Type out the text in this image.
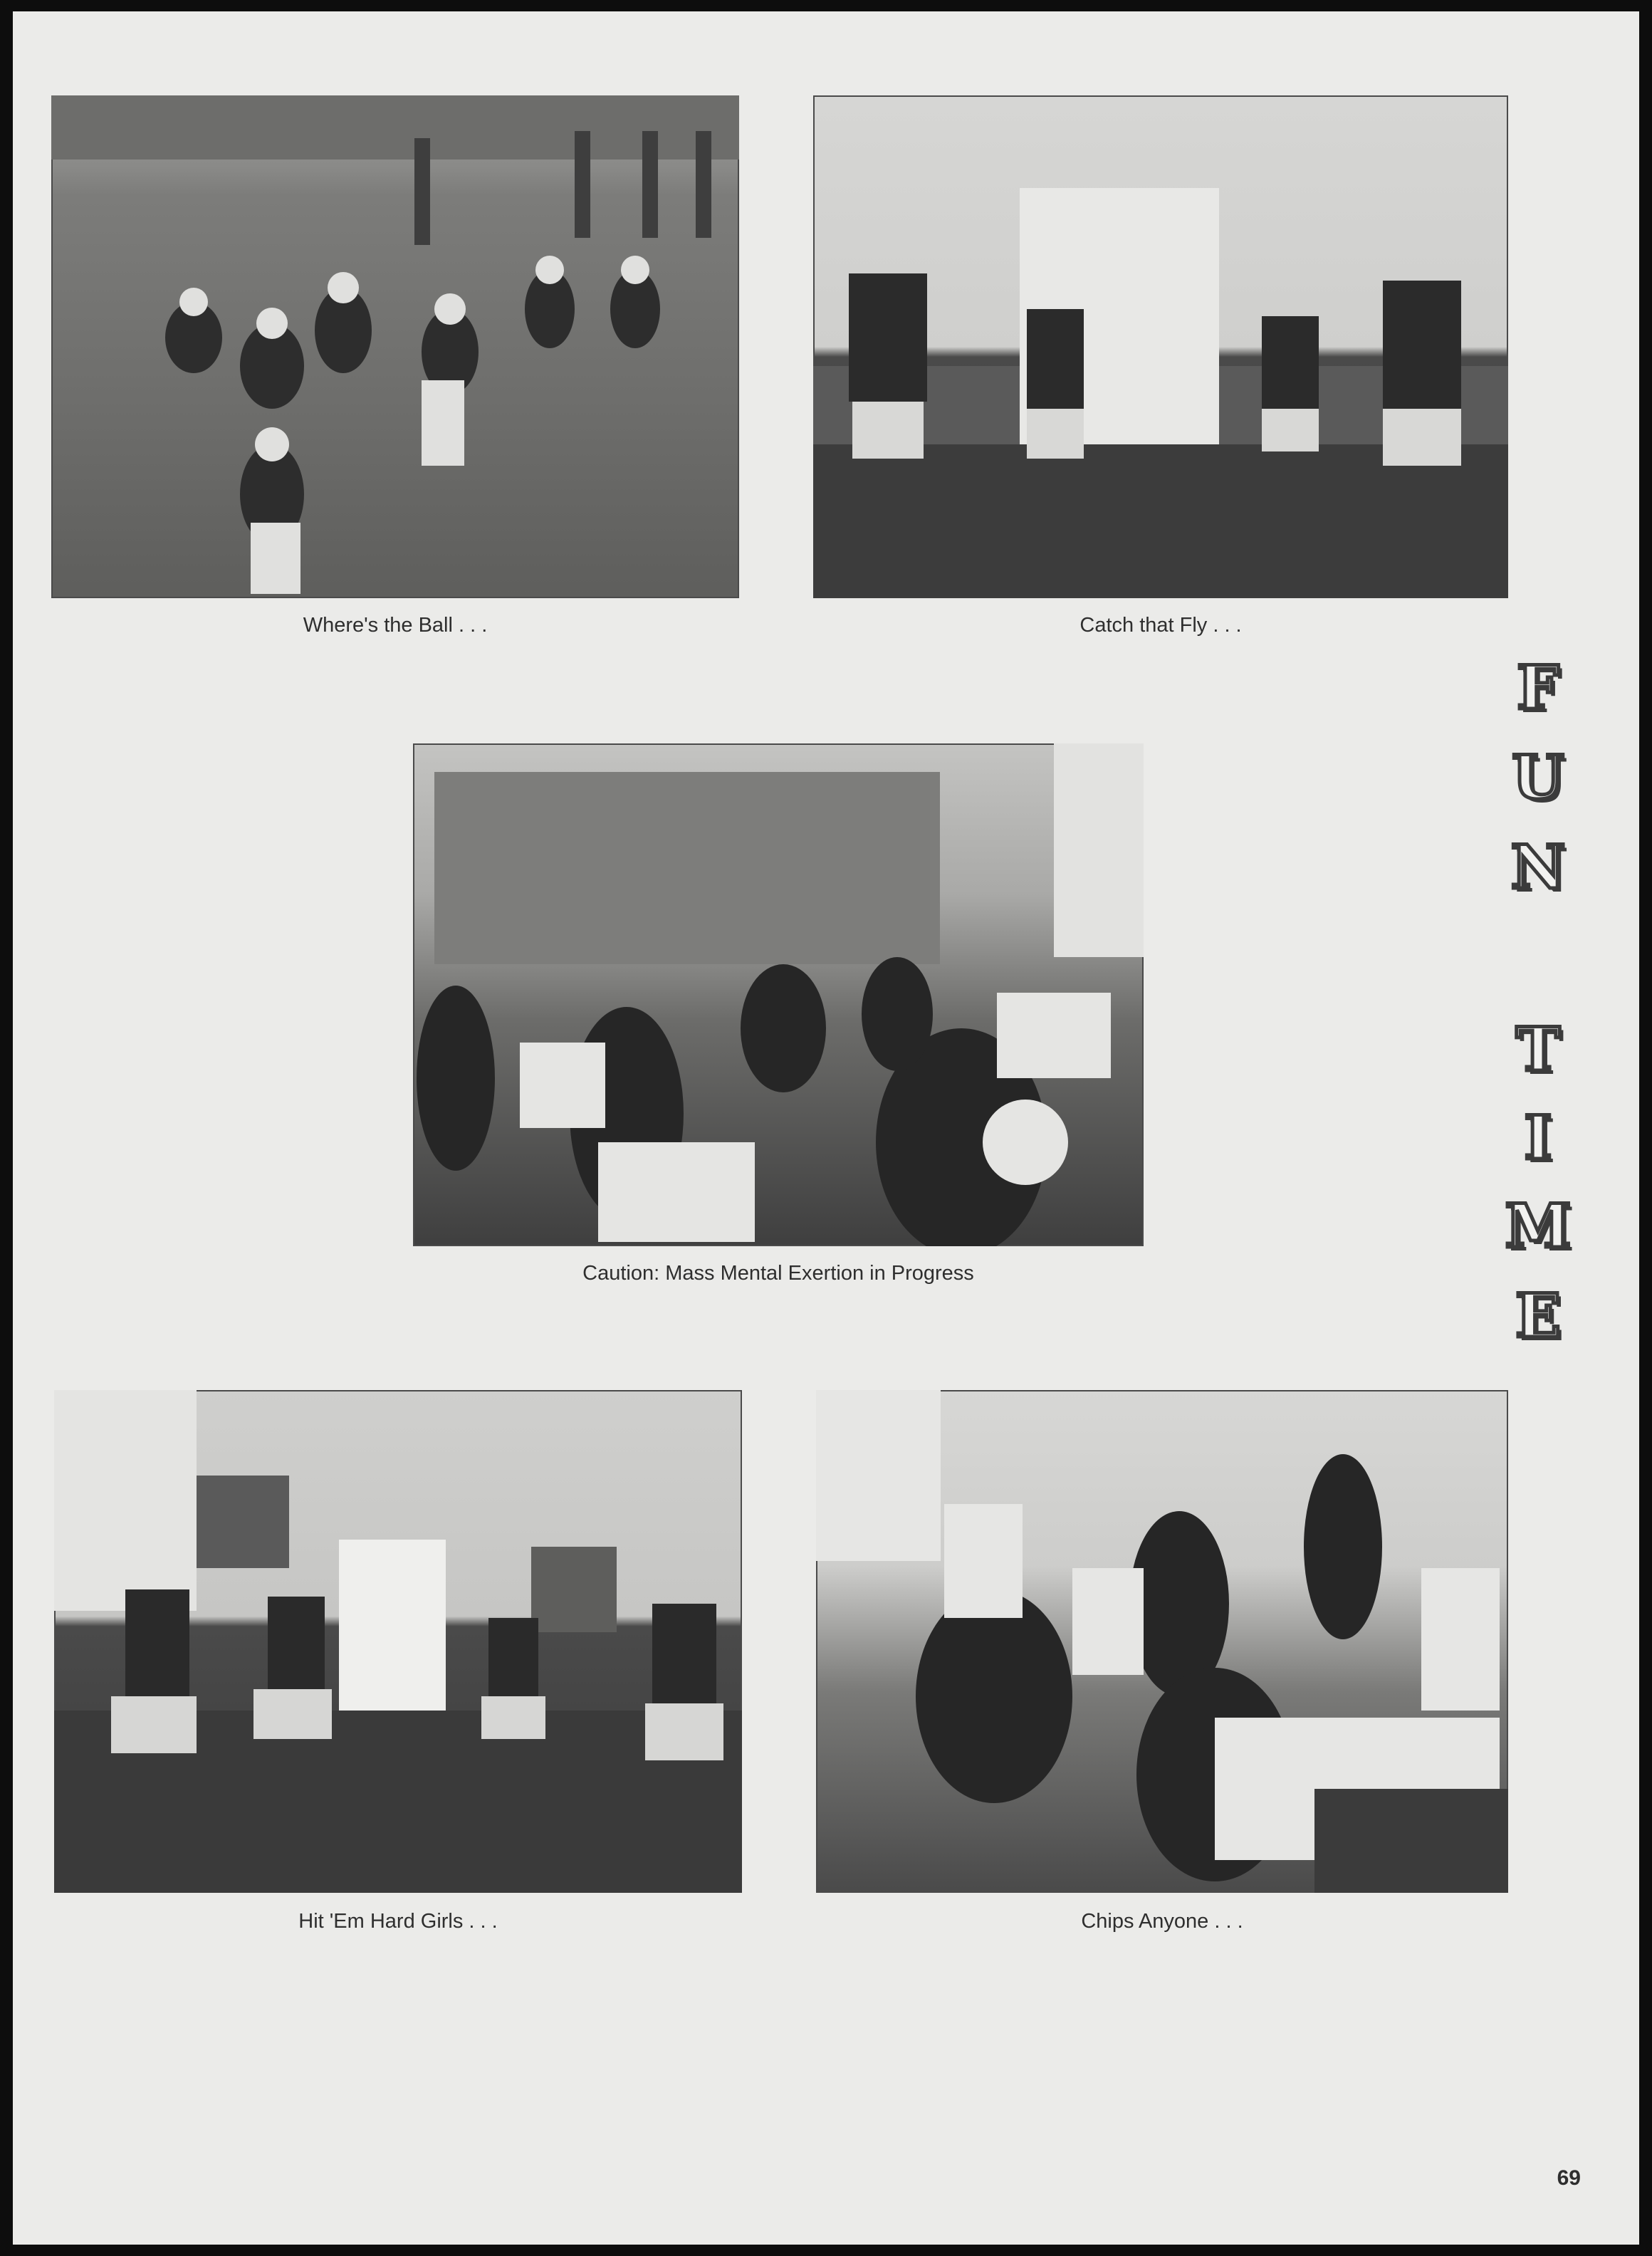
Where's the Ball . . .	Catch that Fly . . .
Caution: Mass Mental Exertion in Progress
Hit 'Em Hard Girls . . .	Chips Anyone . . .
F
U
N
T
I
M
E
69
